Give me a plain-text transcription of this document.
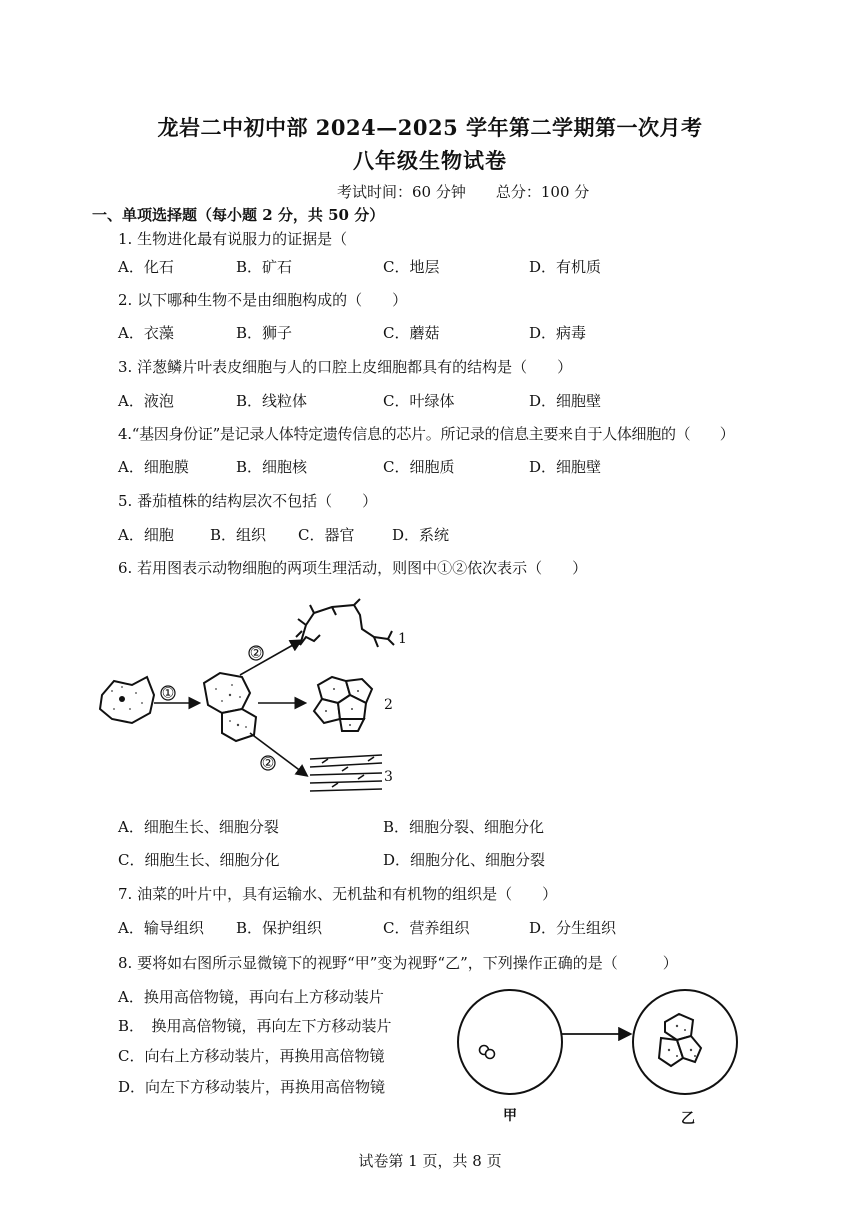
龙岩二中初中部 2024—2025 学年第二学期第一次月考
八年级生物试卷
考试时间：60 分钟 总分：100 分
一、单项选择题（每小题 2 分，共 50 分）
1. 生物进化最有说服力的证据是（
A．化石	B．矿石	C．地层	D．有机质
2. 以下哪种生物不是由细胞构成的（　　）
A．衣藻	B．狮子	C．蘑菇	D．病毒
3. 洋葱鳞片叶表皮细胞与人的口腔上皮细胞都具有的结构是（　　）
A．液泡	B．线粒体	C．叶绿体	D．细胞壁
4.“基因身份证”是记录人体特定遗传信息的芯片。所记录的信息主要来自于人体细胞的（　　）
A．细胞膜	B．细胞核	C．细胞质	D．细胞壁
5. 番茄植株的结构层次不包括（　　）
A．细胞 B．组织 C．器官	D．系统
6. 若用图表示动物细胞的两项生理活动，则图中①②依次表示（　　）
①
②
②
1
2
3
A．细胞生长、细胞分裂	B．细胞分裂、细胞分化
C．细胞生长、细胞分化	D．细胞分化、细胞分裂
7. 油菜的叶片中，具有运输水、无机盐和有机物的组织是（　　）
A．输导组织 B．保护组织	C．营养组织	D．分生组织
8. 要将如右图所示显微镜下的视野“甲”变为视野“乙”，下列操作正确的是（　　　）
A．换用高倍物镜，再向右上方移动装片
B．　换用高倍物镜，再向左下方移动装片
C．向右上方移动装片，再换用高倍物镜
D．向左下方移动装片，再换用高倍物镜
甲	乙
试卷第 1 页，共 8 页
